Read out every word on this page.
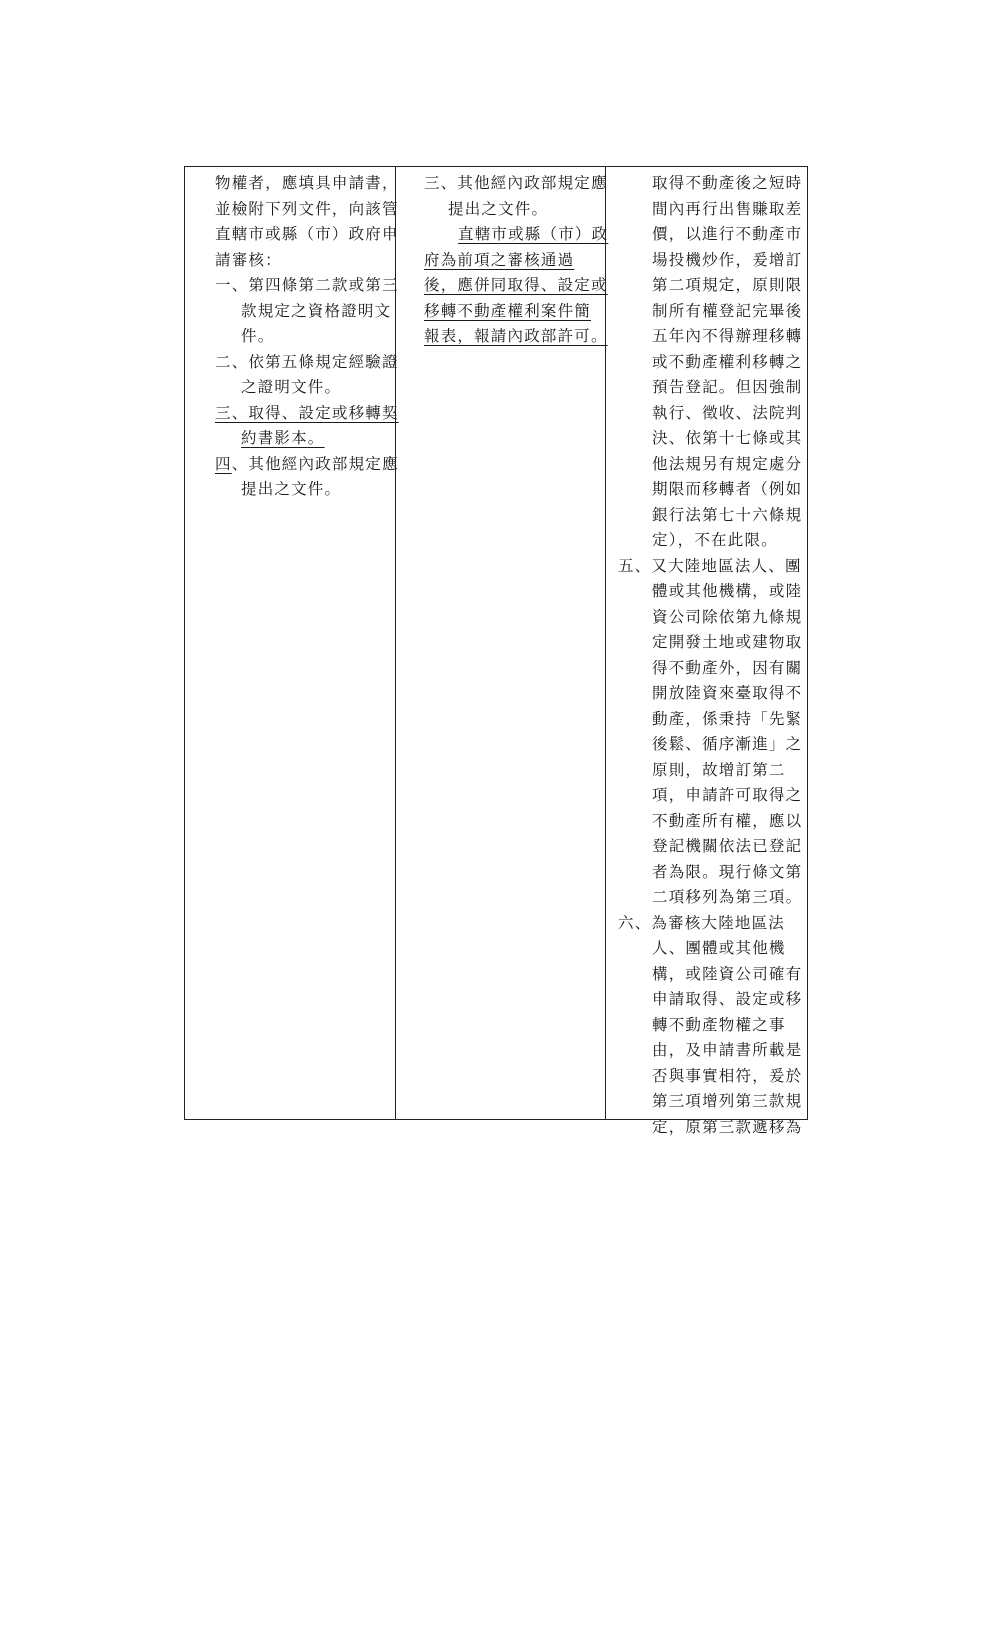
物權者，應填具申請書，
並檢附下列文件，向該管
直轄市或縣（市）政府申
請審核：
一、第四條第二款或第三
款規定之資格證明文
件。
二、依第五條規定經驗證
之證明文件。
三、取得、設定或移轉契
約書影本。
四、其他經內政部規定應
提出之文件。
三、其他經內政部規定應
提出之文件。
直轄市或縣（市）政
府為前項之審核通過
後，應併同取得、設定或
移轉不動產權利案件簡
報表，報請內政部許可。
取得不動產後之短時
間內再行出售賺取差
價，以進行不動產市
場投機炒作，爰增訂
第二項規定，原則限
制所有權登記完畢後
五年內不得辦理移轉
或不動產權利移轉之
預告登記。但因強制
執行、徵收、法院判
決、依第十七條或其
他法規另有規定處分
期限而移轉者（例如
銀行法第七十六條規
定），不在此限。
五、又大陸地區法人、團
體或其他機構，或陸
資公司除依第九條規
定開發土地或建物取
得不動產外，因有關
開放陸資來臺取得不
動產，係秉持「先緊
後鬆、循序漸進」之
原則，故增訂第二
項，申請許可取得之
不動產所有權，應以
登記機關依法已登記
者為限。現行條文第
二項移列為第三項。
六、為審核大陸地區法
人、團體或其他機
構，或陸資公司確有
申請取得、設定或移
轉不動產物權之事
由，及申請書所載是
否與事實相符，爰於
第三項增列第三款規
定，原第三款遞移為
